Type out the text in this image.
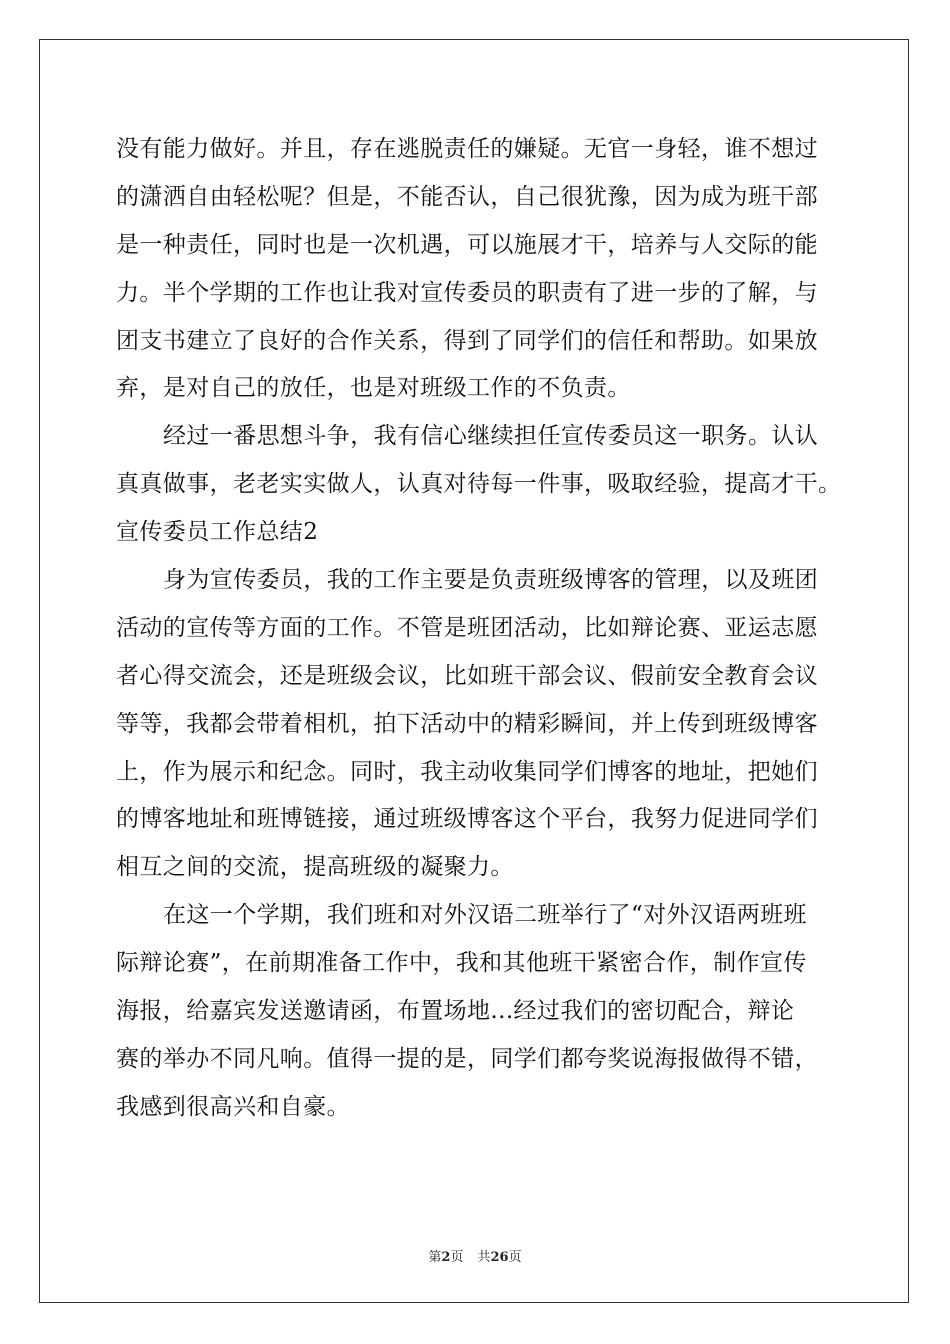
没有能力做好。并且，存在逃脱责任的嫌疑。无官一身轻，谁不想过
的潇洒自由轻松呢？但是，不能否认，自己很犹豫，因为成为班干部
是一种责任，同时也是一次机遇，可以施展才干，培养与人交际的能
力。半个学期的工作也让我对宣传委员的职责有了进一步的了解，与
团支书建立了良好的合作关系，得到了同学们的信任和帮助。如果放
弃，是对自己的放任，也是对班级工作的不负责。
经过一番思想斗争，我有信心继续担任宣传委员这一职务。认认
真真做事，老老实实做人，认真对待每一件事，吸取经验，提高才干。
宣传委员工作总结2
身为宣传委员，我的工作主要是负责班级博客的管理，以及班团
活动的宣传等方面的工作。不管是班团活动，比如辩论赛、亚运志愿
者心得交流会，还是班级会议，比如班干部会议、假前安全教育会议
等等，我都会带着相机，拍下活动中的精彩瞬间，并上传到班级博客
上，作为展示和纪念。同时，我主动收集同学们博客的地址，把她们
的博客地址和班博链接，通过班级博客这个平台，我努力促进同学们
相互之间的交流，提高班级的凝聚力。
在这一个学期，我们班和对外汉语二班举行了“对外汉语两班班
际辩论赛”，在前期准备工作中，我和其他班干紧密合作，制作宣传
海报，给嘉宾发送邀请函，布置场地...经过我们的密切配合，辩论
赛的举办不同凡响。值得一提的是，同学们都夸奖说海报做得不错，
我感到很高兴和自豪。
第2页 共26页
